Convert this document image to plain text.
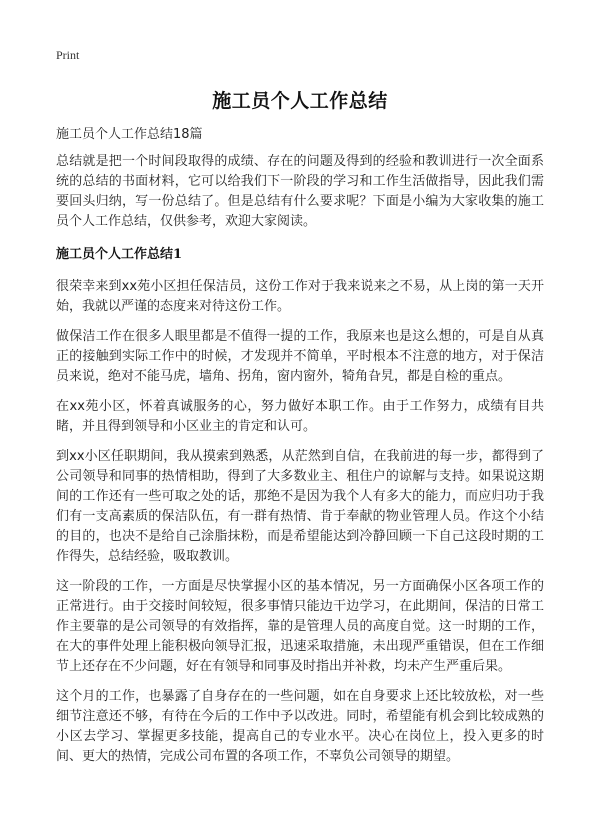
Print
施工员个人工作总结

施工员个人工作总结18篇

总结就是把一个时间段取得的成绩、存在的问题及得到的经验和教训进行一次全面系统的总结的书面材料，它可以给我们下一阶段的学习和工作生活做指导，因此我们需要回头归纳，写一份总结了。但是总结有什么要求呢？下面是小编为大家收集的施工员个人工作总结，仅供参考，欢迎大家阅读。

施工员个人工作总结1

很荣幸来到xx苑小区担任保洁员，这份工作对于我来说来之不易，从上岗的第一天开始，我就以严谨的态度来对待这份工作。

做保洁工作在很多人眼里都是不值得一提的工作，我原来也是这么想的，可是自从真正的接触到实际工作中的时候，才发现并不简单，平时根本不注意的地方，对于保洁员来说，绝对不能马虎，墙角、拐角，窗内窗外，犄角旮旯，都是自检的重点。

在xx苑小区，怀着真诚服务的心，努力做好本职工作。由于工作努力，成绩有目共睹，并且得到领导和小区业主的肯定和认可。

到xx小区任职期间，我从摸索到熟悉，从茫然到自信，在我前进的每一步，都得到了公司领导和同事的热情相助，得到了大多数业主、租住户的谅解与支持。如果说这期间的工作还有一些可取之处的话，那绝不是因为我个人有多大的能力，而应归功于我们有一支高素质的保洁队伍，有一群有热情、肯于奉献的物业管理人员。作这个小结的目的，也决不是给自己涂脂抹粉，而是希望能达到冷静回顾一下自己这段时期的工作得失，总结经验，吸取教训。

这一阶段的工作，一方面是尽快掌握小区的基本情况，另一方面确保小区各项工作的正常进行。由于交接时间较短，很多事情只能边干边学习，在此期间，保洁的日常工作主要靠的是公司领导的有效指挥，靠的是管理人员的高度自觉。这一时期的工作，在大的事件处理上能积极向领导汇报，迅速采取措施，未出现严重错误，但在工作细节上还存在不少问题，好在有领导和同事及时指出并补救，均未产生严重后果。

这个月的工作，也暴露了自身存在的一些问题，如在自身要求上还比较放松，对一些细节注意还不够，有待在今后的工作中予以改进。同时，希望能有机会到比较成熟的小区去学习、掌握更多技能，提高自己的专业水平。决心在岗位上，投入更多的时间、更大的热情，完成公司布置的各项工作，不辜负公司领导的期望。
